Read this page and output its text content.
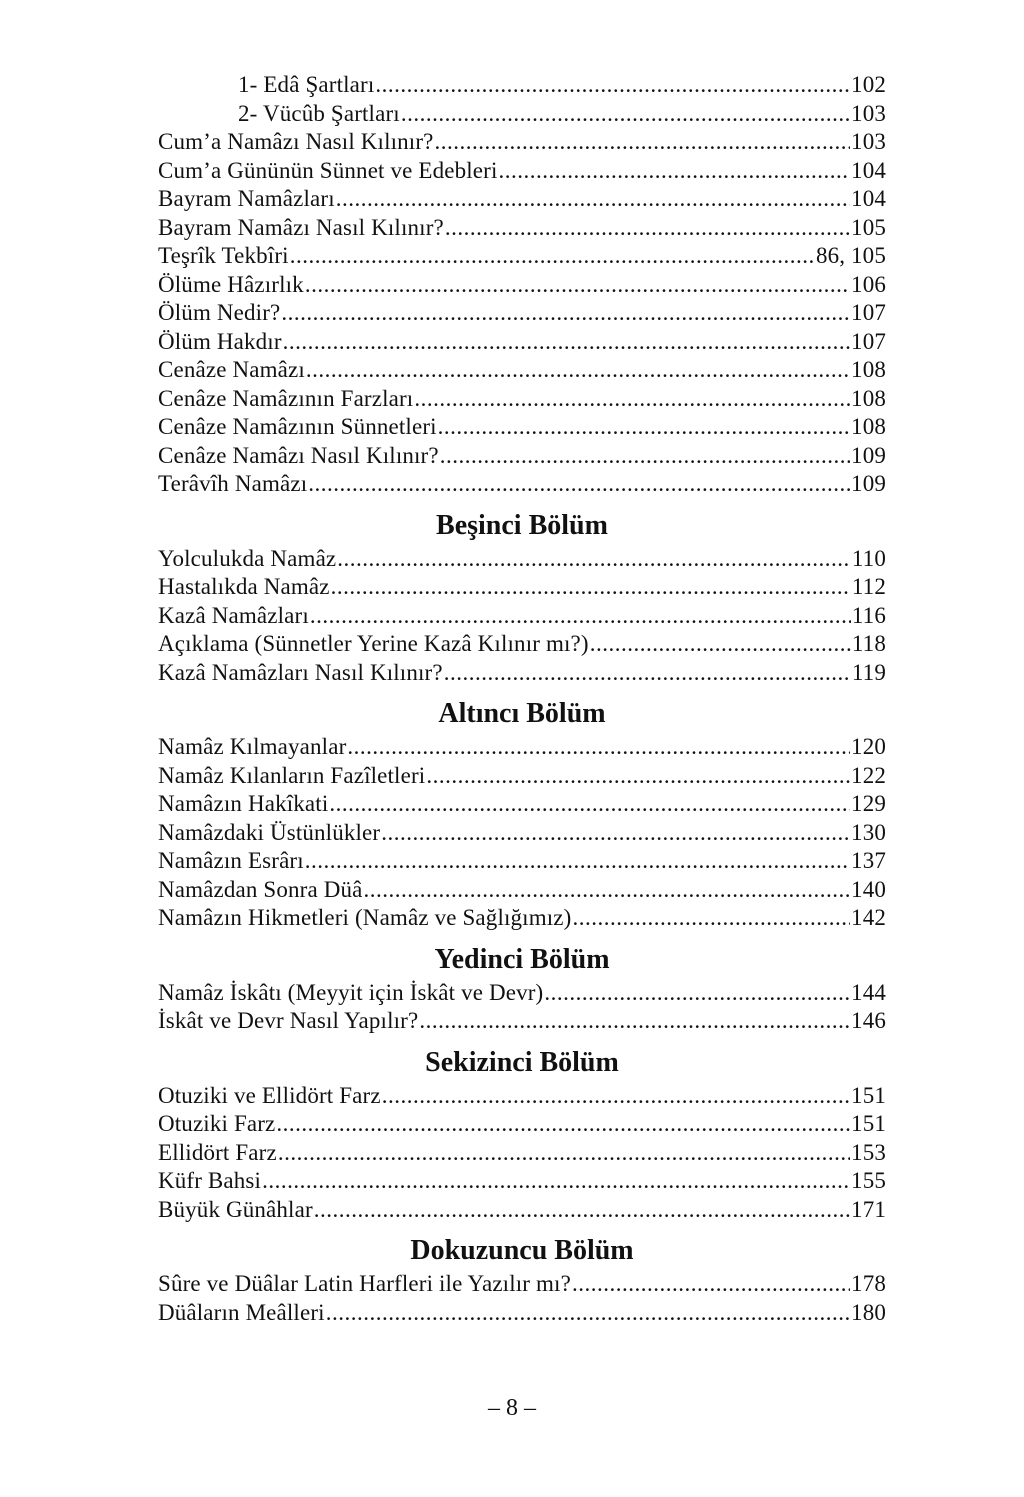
1- Edâ Şartları .....	102
2- Vücûb Şartları .....	103
Cum’a Namâzı Nasıl Kılınır? .....	103
Cum’a Gününün Sünnet ve Edebleri .....	104
Bayram Namâzları .....	104
Bayram Namâzı Nasıl Kılınır? .....	105
Teşrîk Tekbîri .....	86, 105
Ölüme Hâzırlık .....	106
Ölüm Nedir? .....	107
Ölüm Hakdır .....	107
Cenâze Namâzı .....	108
Cenâze Namâzının Farzları .....	108
Cenâze Namâzının Sünnetleri .....	108
Cenâze Namâzı Nasıl Kılınır? .....	109
Terâvîh Namâzı .....	109
Beşinci Bölüm
Yolculukda Namâz .....	110
Hastalıkda Namâz .....	112
Kazâ Namâzları .....	116
Açıklama (Sünnetler Yerine Kazâ Kılınır mı?) .....	118
Kazâ Namâzları Nasıl Kılınır? .....	119
Altıncı Bölüm
Namâz Kılmayanlar .....	120
Namâz Kılanların Fazîletleri .....	122
Namâzın Hakîkati .....	129
Namâzdaki Üstünlükler .....	130
Namâzın Esrârı .....	137
Namâzdan Sonra Düâ .....	140
Namâzın Hikmetleri (Namâz ve Sağlığımız) .....	142
Yedinci Bölüm
Namâz İskâtı (Meyyit için İskât ve Devr) .....	144
İskât ve Devr Nasıl Yapılır? .....	146
Sekizinci Bölüm
Otuziki ve Ellidört Farz .....	151
Otuziki Farz .....	151
Ellidört Farz .....	153
Küfr Bahsi .....	155
Büyük Günâhlar .....	171
Dokuzuncu Bölüm
Sûre ve Düâlar Latin Harfleri ile Yazılır mı? .....	178
Düâların Meâlleri .....	180
– 8 –
